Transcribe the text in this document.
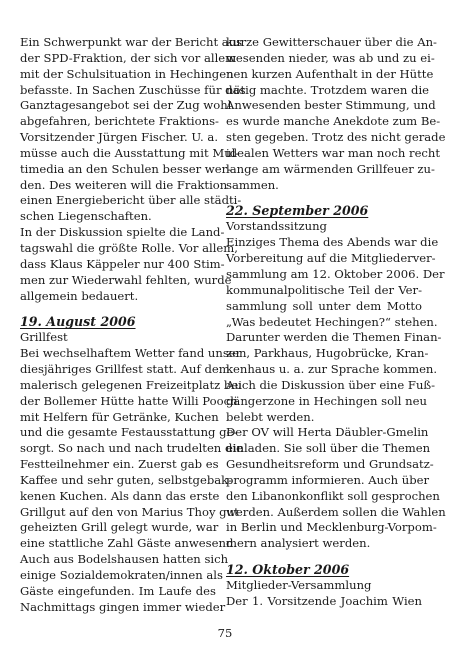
Ein Schwerpunkt war der Bericht aus
der SPD-Fraktion, der sich vor allem
mit der Schulsituation in Hechingen
befasste. In Sachen Zuschüsse für das
Ganztagesangebot sei der Zug wohl
abgefahren, berichtete Fraktions-
Vorsitzender Jürgen Fischer. U. a.
müsse auch die Ausstattung mit Mul-
timedia an den Schulen besser wer-
den. Des weiteren will die Fraktion
einen Energiebericht über alle städti-
schen Liegenschaften.
In der Diskussion spielte die Land-
tagswahl die größte Rolle. Vor allem,
dass Klaus Käppeler nur 400 Stim-
men zur Wiederwahl fehlten, wurde
allgemein bedauert.
19. August 2006
Grillfest
Bei wechselhaftem Wetter fand unser
diesjähriges Grillfest statt. Auf dem
malerisch gelegenen Freizeitplatz bei
der Bollemer Hütte hatte Willi Pooch
mit Helfern für Getränke, Kuchen
und die gesamte Festausstattung ge-
sorgt. So nach und nach trudelten die
Festteilnehmer ein. Zuerst gab es
Kaffee und sehr guten, selbstgebak-
kenen Kuchen. Als dann das erste
Grillgut auf den von Marius Thoy gut
geheizten Grill gelegt wurde, war
eine stattliche Zahl Gäste anwesend.
Auch aus Bodelshausen hatten sich
einige Sozialdemokraten/innen als
Gäste eingefunden. Im Laufe des
Nachmittags gingen immer wieder
kurze Gewitterschauer über die An-
wesenden nieder, was ab und zu ei-
nen kurzen Aufenthalt in der Hütte
nötig machte. Trotzdem waren die
Anwesenden bester Stimmung, und
es wurde manche Anekdote zum Be-
sten gegeben. Trotz des nicht gerade
idealen Wetters war man noch recht
lange am wärmenden Grillfeuer zu-
sammen.
22. September 2006
Vorstandssitzung
Einziges Thema des Abends war die
Vorbereitung auf die Mitgliederver-
sammlung am 12. Oktober 2006. Der
kommunalpolitische Teil der Ver-
sammlung soll unter dem Motto
„Was bedeutet Hechingen?“ stehen.
Darunter werden die Themen Finan-
zen, Parkhaus, Hugobrücke, Kran-
kenhaus u. a. zur Sprache kommen.
Auch die Diskussion über eine Fuß-
gängerzone in Hechingen soll neu
belebt werden.
Der OV will Herta Däubler-Gmelin
einladen. Sie soll über die Themen
Gesundheitsreform und Grundsatz-
programm informieren. Auch über
den Libanonkonflikt soll gesprochen
werden. Außerdem sollen die Wahlen
in Berlin und Mecklenburg-Vorpom-
mern analysiert werden.
12. Oktober 2006
Mitglieder-Versammlung
Der 1. Vorsitzende Joachim Wien
75
